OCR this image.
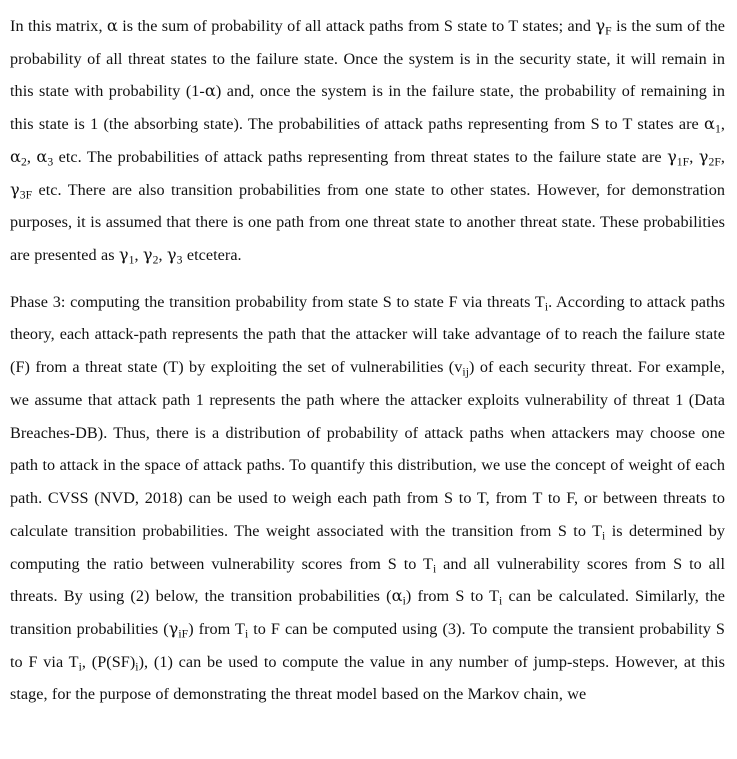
In this matrix, α is the sum of probability of all attack paths from S state to T states; and $\gamma_F$ is the sum of the probability of all threat states to the failure state. Once the system is in the security state, it will remain in this state with probability (1-α) and, once the system is in the failure state, the probability of remaining in this state is 1 (the absorbing state). The probabilities of attack paths representing from S to T states are $\alpha_1$, $\alpha_2$, $\alpha_3$ etc. The probabilities of attack paths representing from threat states to the failure state are $\gamma_{1F}$, $\gamma_{2F}$, $\gamma_{3F}$ etc. There are also transition probabilities from one state to other states. However, for demonstration purposes, it is assumed that there is one path from one threat state to another threat state. These probabilities are presented as $\gamma_1$, $\gamma_2$, $\gamma_3$ etcetera.

Phase 3: computing the transition probability from state S to state F via threats $T_i$. According to attack paths theory, each attack-path represents the path that the attacker will take advantage of to reach the failure state (F) from a threat state (T) by exploiting the set of vulnerabilities $(v_{ij})$ of each security threat. For example, we assume that attack path 1 represents the path where the attacker exploits vulnerability of threat 1 (Data Breaches-DB). Thus, there is a distribution of probability of attack paths when attackers may choose one path to attack in the space of attack paths. To quantify this distribution, we use the concept of weight of each path. CVSS (NVD, 2018) can be used to weigh each path from S to T, from T to F, or between threats to calculate transition probabilities. The weight associated with the transition from S to $T_i$ is determined by computing the ratio between vulnerability scores from S to $T_i$ and all vulnerability scores from S to all threats. By using (2) below, the transition probabilities $(\alpha_i)$ from S to $T_i$ can be calculated. Similarly, the transition probabilities $(\gamma_{iF})$ from $T_i$ to F can be computed using (3). To compute the transient probability S to F via $T_i$, $(P(SF)_i)$, (1) can be used to compute the value in any number of jump-steps. However, at this stage, for the purpose of demonstrating the threat model based on the Markov chain, we
